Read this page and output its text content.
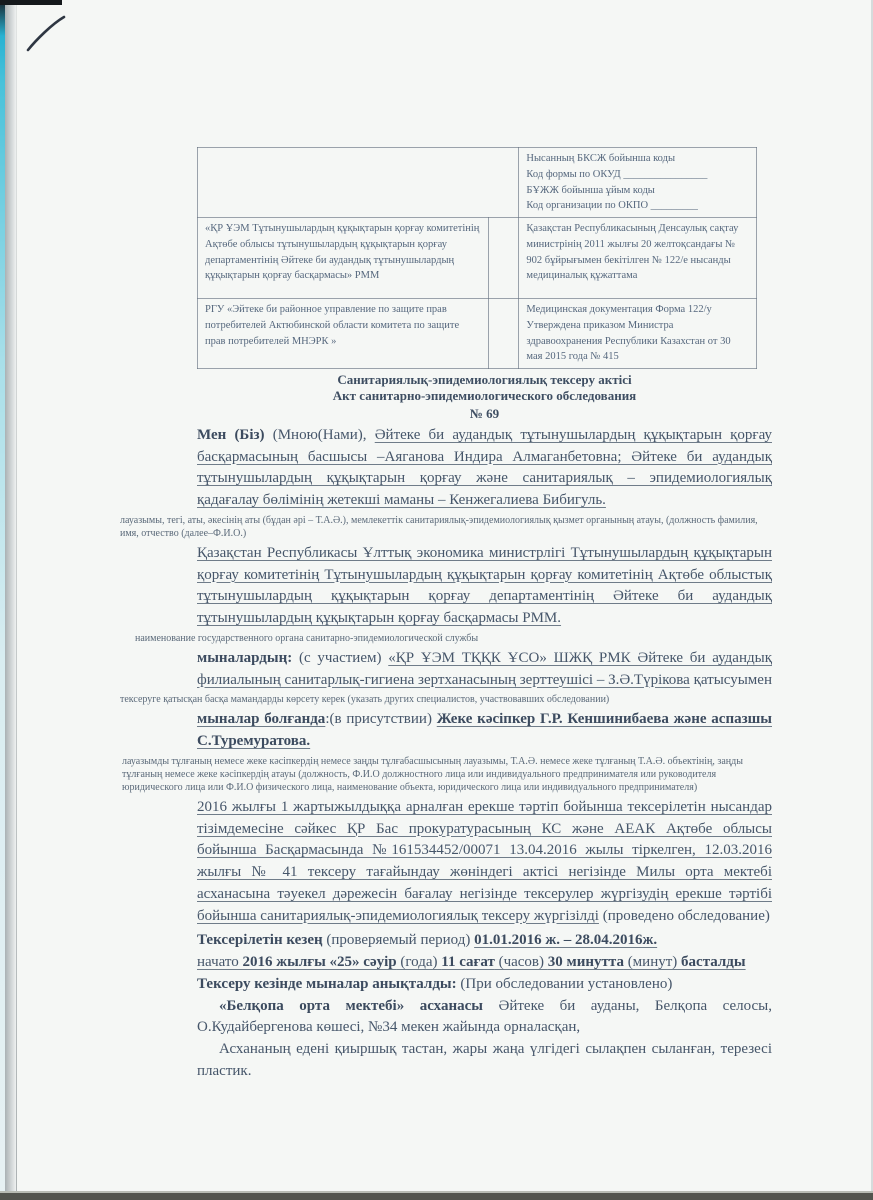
		Нысанның БКСЖ бойынша коды
Код формы по ОКУД ________________
БҰЖЖ бойынша ұйым коды
Код организации по ОКПО _________

«ҚР ҰЭМ Тұтынушылардың құқықтарын қорғау комитетінің Ақтөбе облысы тұтынушылардың құқықтарын қорғау департаментінің Әйтеке би аудандық тұтынушылардың құқықтарын қорғау басқармасы» РММ		Қазақстан Республикасының Денсаулық сақтау министрінің 2011 жылғы 20 желтоқсандағы № 902 бұйрығымен бекітілген № 122/е нысанды медициналық құжаттама
РГУ «Эйтеке би районное управление по защите прав потребителей Актюбинской области комитета по защите прав потребителей МНЭРК »		Медицинская документация Форма 122/у Утверждена приказом Министра здравоохранения Республики Казахстан от 30 мая 2015 года № 415
Санитариялық-эпидемиологиялық тексеру актісі
Акт санитарно-эпидемиологического обследования
№ 69

Мен (Біз) (Мною(Нами), Әйтеке би аудандық тұтынушылардың құқықтарын қорғау басқармасының басшысы –Аяганова Индира Алмаганбетовна; Әйтеке би аудандық тұтынушылардың құқықтарын қорғау және санитариялық – эпидемиологиялық қадағалау бөлімінің жетекші маманы – Кенжегалиева Бибигуль.

лауазымы, тегі, аты, әкесінің аты (бұдан әрі – Т.А.Ә.), мемлекеттік санитариялық-эпидемиологиялық қызмет органының атауы, (должность фамилия, имя, отчество (далее–Ф.И.О.)

Қазақстан Республикасы Ұлттық экономика министрлігі Тұтынушылардың құқықтарын қорғау комитетінің Тұтынушылардың құқықтарын қорғау комитетінің Ақтөбе облыстық тұтынушылардың құқықтарын қорғау департаментінің Әйтеке би аудандық тұтынушылардың құқықтарын қорғау басқармасы РММ.

наименование государственного органа санитарно-эпидемиологической службы

мыналардың: (с участием) «ҚР ҰЭМ ТҚҚК ҰСО» ШЖҚ РМК Әйтеке би аудандық филиалының санитарлық-гигиена зертханасының зерттеушісі – З.Ә.Түрікова қатысуымен

тексеруге қатысқан басқа мамандарды көрсету керек (указать других специалистов, участвовавших обследовании)

мыналар болғанда:(в присутствии) Жеке кәсіпкер Г.Р. Кеншинибаева және аспазшы С.Туремуратова.

лауазымды тұлғаның немесе жеке кәсіпкердің немесе заңды тұлғабасшысының лауазымы, Т.А.Ә. немесе жеке тұлғаның Т.А.Ә. объектінің, заңды тұлғаның немесе жеке кәсіпкердің атауы (должность, Ф.И.О должностного лица или индивидуального предпринимателя или руководителя юридического лица или Ф.И.О физического лица, наименование объекта, юридического лица или индивидуального предпринимателя)

2016 жылғы 1 жартыжылдыққа арналған ерекше тәртіп бойынша тексерілетін нысандар тізімдемесіне сәйкес ҚР Бас прокуратурасының КС және АЕАК Ақтөбе облысы бойынша Басқармасында №161534452/00071 13.04.2016 жылы тіркелген, 12.03.2016 жылғы № 41 тексеру тағайындау жөніндегі актісі негізінде Милы орта мектебі асханасына тәуекел дәрежесін бағалау негізінде тексерулер жүргізудің ерекше тәртібі бойынша санитариялық-эпидемиологиялық тексеру жүргізілді (проведено обследование)

Тексерілетін кезең (проверяемый период) 01.01.2016 ж. – 28.04.2016ж.

начато 2016 жылғы «25» сәуір (года) 11 сағат (часов) 30 минутта (минут) басталды

Тексеру кезінде мыналар анықталды: (При обследовании установлено)

«Белқопа орта мектебі» асханасы Әйтеке би ауданы, Белқопа селосы, О.Кудайбергенова көшесі, №34 мекен жайында орналасқан,

Асхананың едені қиыршық тастан, жары жаңа үлгідегі сылақпен сыланған, терезесі пластик.
